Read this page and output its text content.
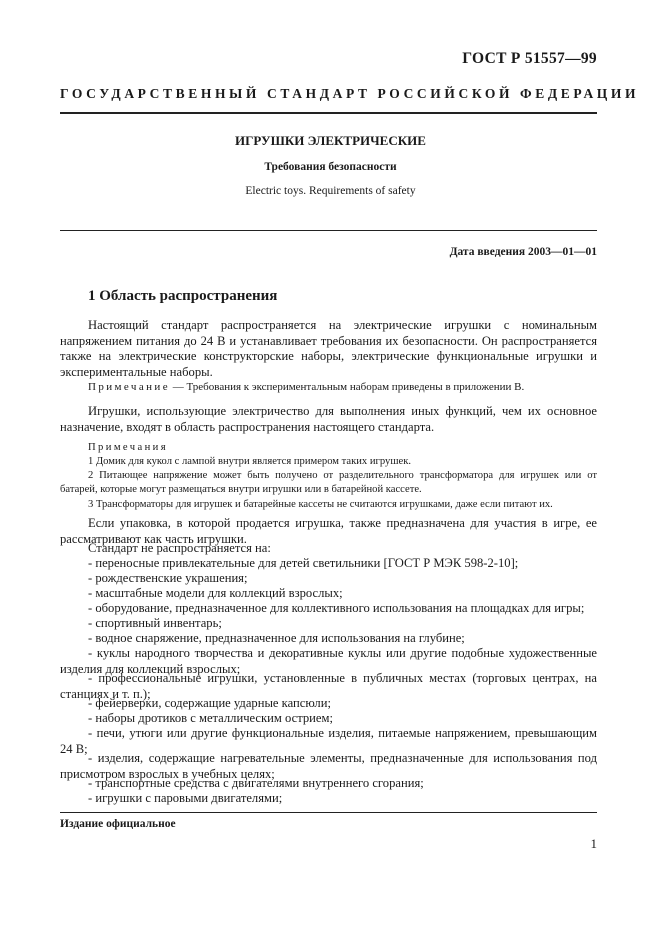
ГОСТ Р 51557—99
ГОСУДАРСТВЕННЫЙ СТАНДАРТ РОССИЙСКОЙ ФЕДЕРАЦИИ
ИГРУШКИ ЭЛЕКТРИЧЕСКИЕ
Требования безопасности
Electric toys. Requirements of safety
Дата введения 2003—01—01
1 Область распространения
Настоящий стандарт распространяется на электрические игрушки с номинальным напряжением питания до 24 В и устанавливает требования их безопасности. Он распространяется также на электрические конструкторские наборы, электрические функциональные игрушки и экспериментальные наборы.
Примечание — Требования к экспериментальным наборам приведены в приложении В.
Игрушки, использующие электричество для выполнения иных функций, чем их основное назначение, входят в область распространения настоящего стандарта.
Примечания
1 Домик для кукол с лампой внутри является примером таких игрушек.
2 Питающее напряжение может быть получено от разделительного трансформатора для игрушек или от батарей, которые могут размещаться внутри игрушки или в батарейной кассете.
3 Трансформаторы для игрушек и батарейные кассеты не считаются игрушками, даже если питают их.
Если упаковка, в которой продается игрушка, также предназначена для участия в игре, ее рассматривают как часть игрушки.
Стандарт не распространяется на:
- переносные привлекательные для детей светильники [ГОСТ Р МЭК 598-2-10];
- рождественские украшения;
- масштабные модели для коллекций взрослых;
- оборудование, предназначенное для коллективного использования на площадках для игры;
- спортивный инвентарь;
- водное снаряжение, предназначенное для использования на глубине;
- куклы народного творчества и декоративные куклы или другие подобные художественные изделия для коллекций взрослых;
- профессиональные игрушки, установленные в публичных местах (торговых центрах, на станциях и т. п.);
- фейерверки, содержащие ударные капсюли;
- наборы дротиков с металлическим острием;
- печи, утюги или другие функциональные изделия, питаемые напряжением, превышающим 24 В;
- изделия, содержащие нагревательные элементы, предназначенные для использования под присмотром взрослых в учебных целях;
- транспортные средства с двигателями внутреннего сгорания;
- игрушки с паровыми двигателями;
Издание официальное
1
